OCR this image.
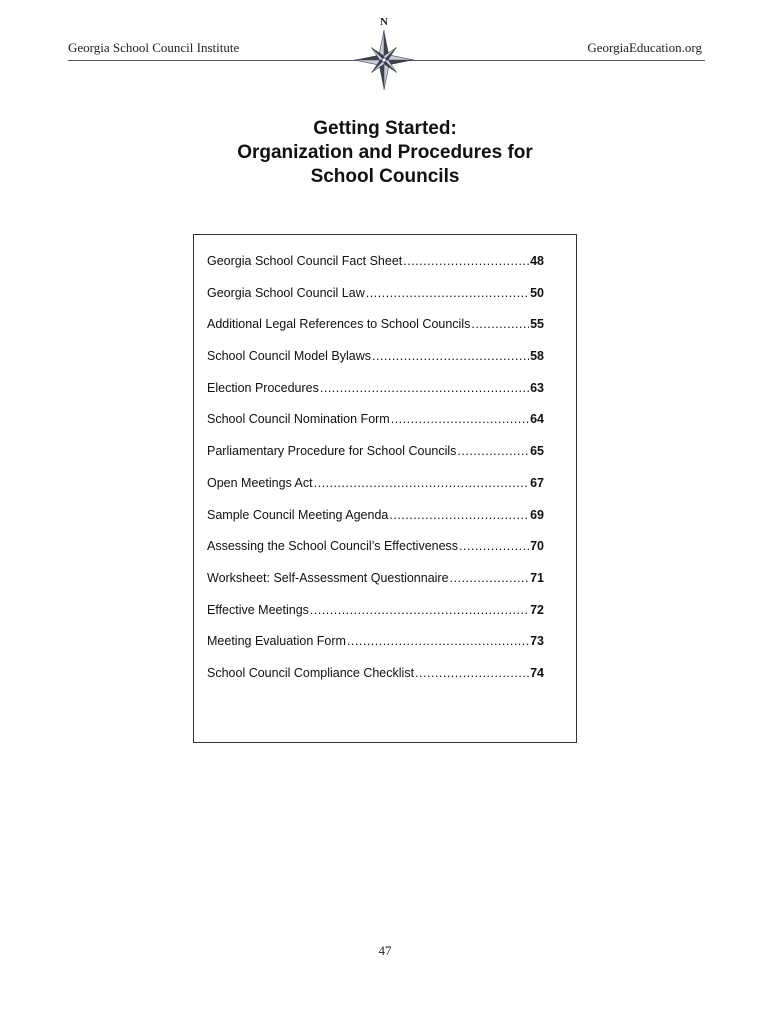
Georgia School Council Institute	GeorgiaEducation.org
N
Getting Started:
Organization and Procedures for
School Councils
Georgia School Council Fact Sheet .....	48
Georgia School Council Law .....	50
Additional Legal References to School Councils .....	55
School Council Model Bylaws .....	58
Election Procedures .....	63
School Council Nomination Form .....	64
Parliamentary Procedure for School Councils .....	65
Open Meetings Act .....	67
Sample Council Meeting Agenda .....	69
Assessing the School Council’s Effectiveness .....	70
Worksheet: Self-Assessment Questionnaire .....	71
Effective Meetings .....	72
Meeting Evaluation Form .....	73
School Council Compliance Checklist .....	74
47
